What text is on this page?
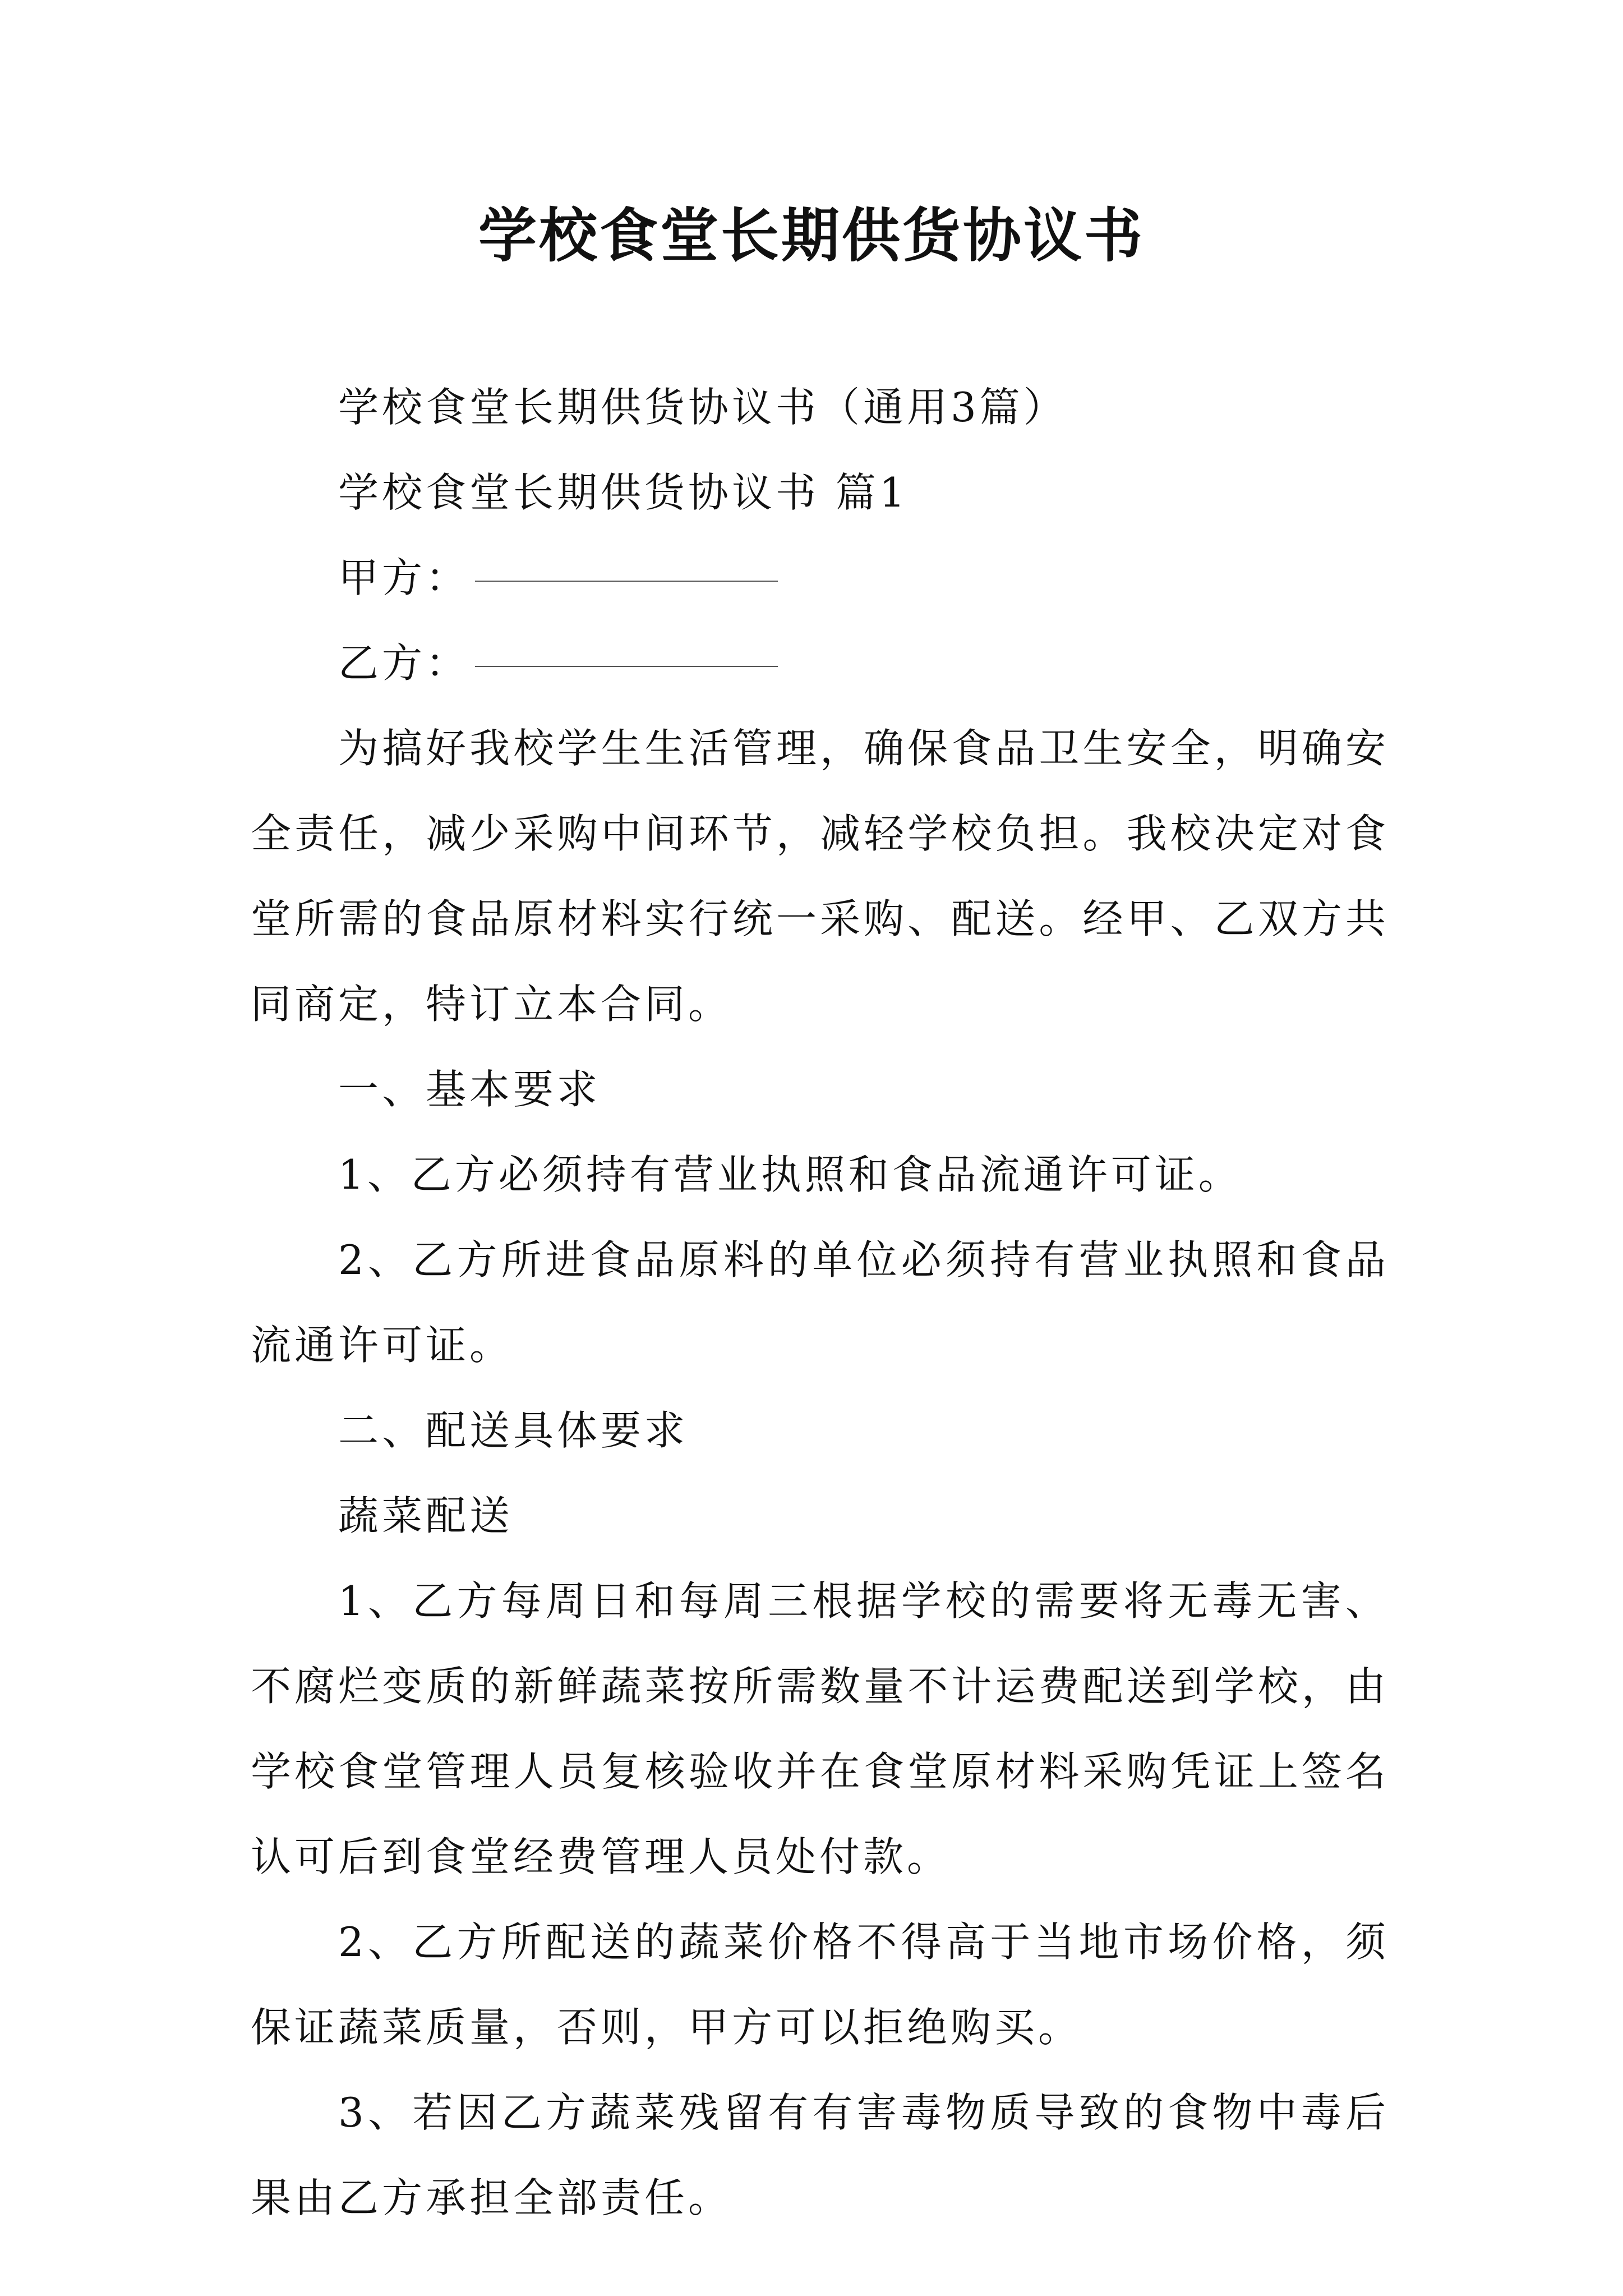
学校食堂长期供货协议书

学校食堂长期供货协议书（通用3篇）

学校食堂长期供货协议书 篇1

甲方：

乙方：

为搞好我校学生生活管理，确保食品卫生安全，明确安全责任，减少采购中间环节，减轻学校负担。我校决定对食堂所需的食品原材料实行统一采购、配送。经甲、乙双方共同商定，特订立本合同。

一、基本要求

1、乙方必须持有营业执照和食品流通许可证。

2、乙方所进食品原料的单位必须持有营业执照和食品流通许可证。

二、配送具体要求

蔬菜配送

1、乙方每周日和每周三根据学校的需要将无毒无害、不腐烂变质的新鲜蔬菜按所需数量不计运费配送到学校，由学校食堂管理人员复核验收并在食堂原材料采购凭证上签名认可后到食堂经费管理人员处付款。

2、乙方所配送的蔬菜价格不得高于当地市场价格，须保证蔬菜质量，否则，甲方可以拒绝购买。

3、若因乙方蔬菜残留有有害毒物质导致的食物中毒后果由乙方承担全部责任。
